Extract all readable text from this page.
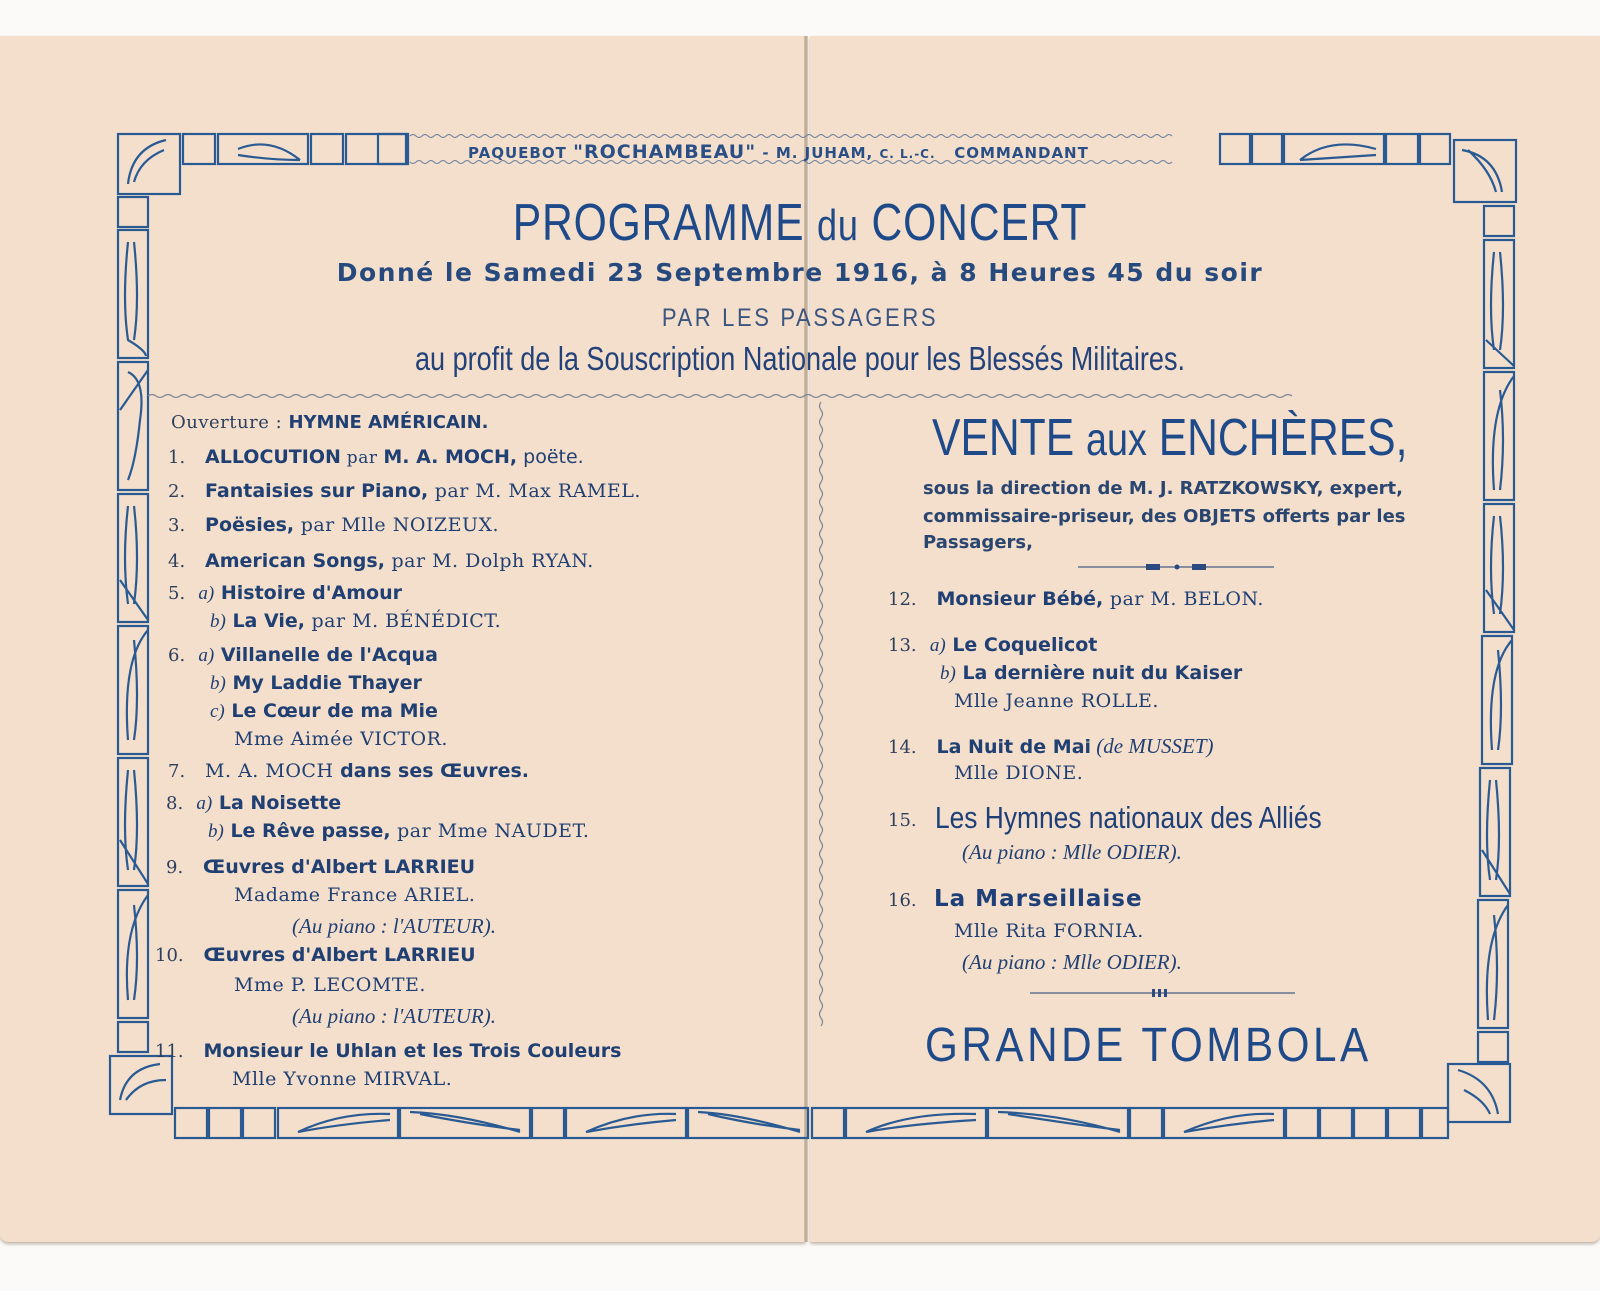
PAQUEBOT "ROCHAMBEAU" - M. JUHAM, C. L.-C. COMMANDANT
PROGRAMME du CONCERT
Donné le Samedi 23 Septembre 1916, à 8 Heures 45 du soir
PAR LES PASSAGERS
au profit de la Souscription Nationale pour les Blessés Militaires.
Ouverture : HYMNE AMÉRICAIN.
1. ALLOCUTION par M. A. MOCH, poëte.
2. Fantaisies sur Piano, par M. Max RAMEL.
3. Poësies, par Mlle NOIZEUX.
4. American Songs, par M. Dolph RYAN.
5. a) Histoire d'Amour
b) La Vie, par M. BÉNÉDICT.
6. a) Villanelle de l'Acqua
b) My Laddie Thayer
c) Le Cœur de ma Mie
Mme Aimée VICTOR.
7. M. A. MOCH dans ses Œuvres.
8. a) La Noisette
b) Le Rêve passe, par Mme NAUDET.
9. Œuvres d'Albert LARRIEU
Madame France ARIEL.
(Au piano : l'AUTEUR).
10. Œuvres d'Albert LARRIEU
Mme P. LECOMTE.
(Au piano : l'AUTEUR).
11. Monsieur le Uhlan et les Trois Couleurs
Mlle Yvonne MIRVAL.
VENTE aux ENCHÈRES,
sous la direction de M. J. RATZKOWSKY, expert,
commissaire-priseur, des OBJETS offerts par les
Passagers,
12. Monsieur Bébé, par M. BELON.
13. a) Le Coquelicot
b) La dernière nuit du Kaiser
Mlle Jeanne ROLLE.
14. La Nuit de Mai (de MUSSET)
Mlle DIONE.
15. Les Hymnes nationaux des Alliés
(Au piano : Mlle ODIER).
16. La Marseillaise
Mlle Rita FORNIA.
(Au piano : Mlle ODIER).
GRANDE TOMBOLA
